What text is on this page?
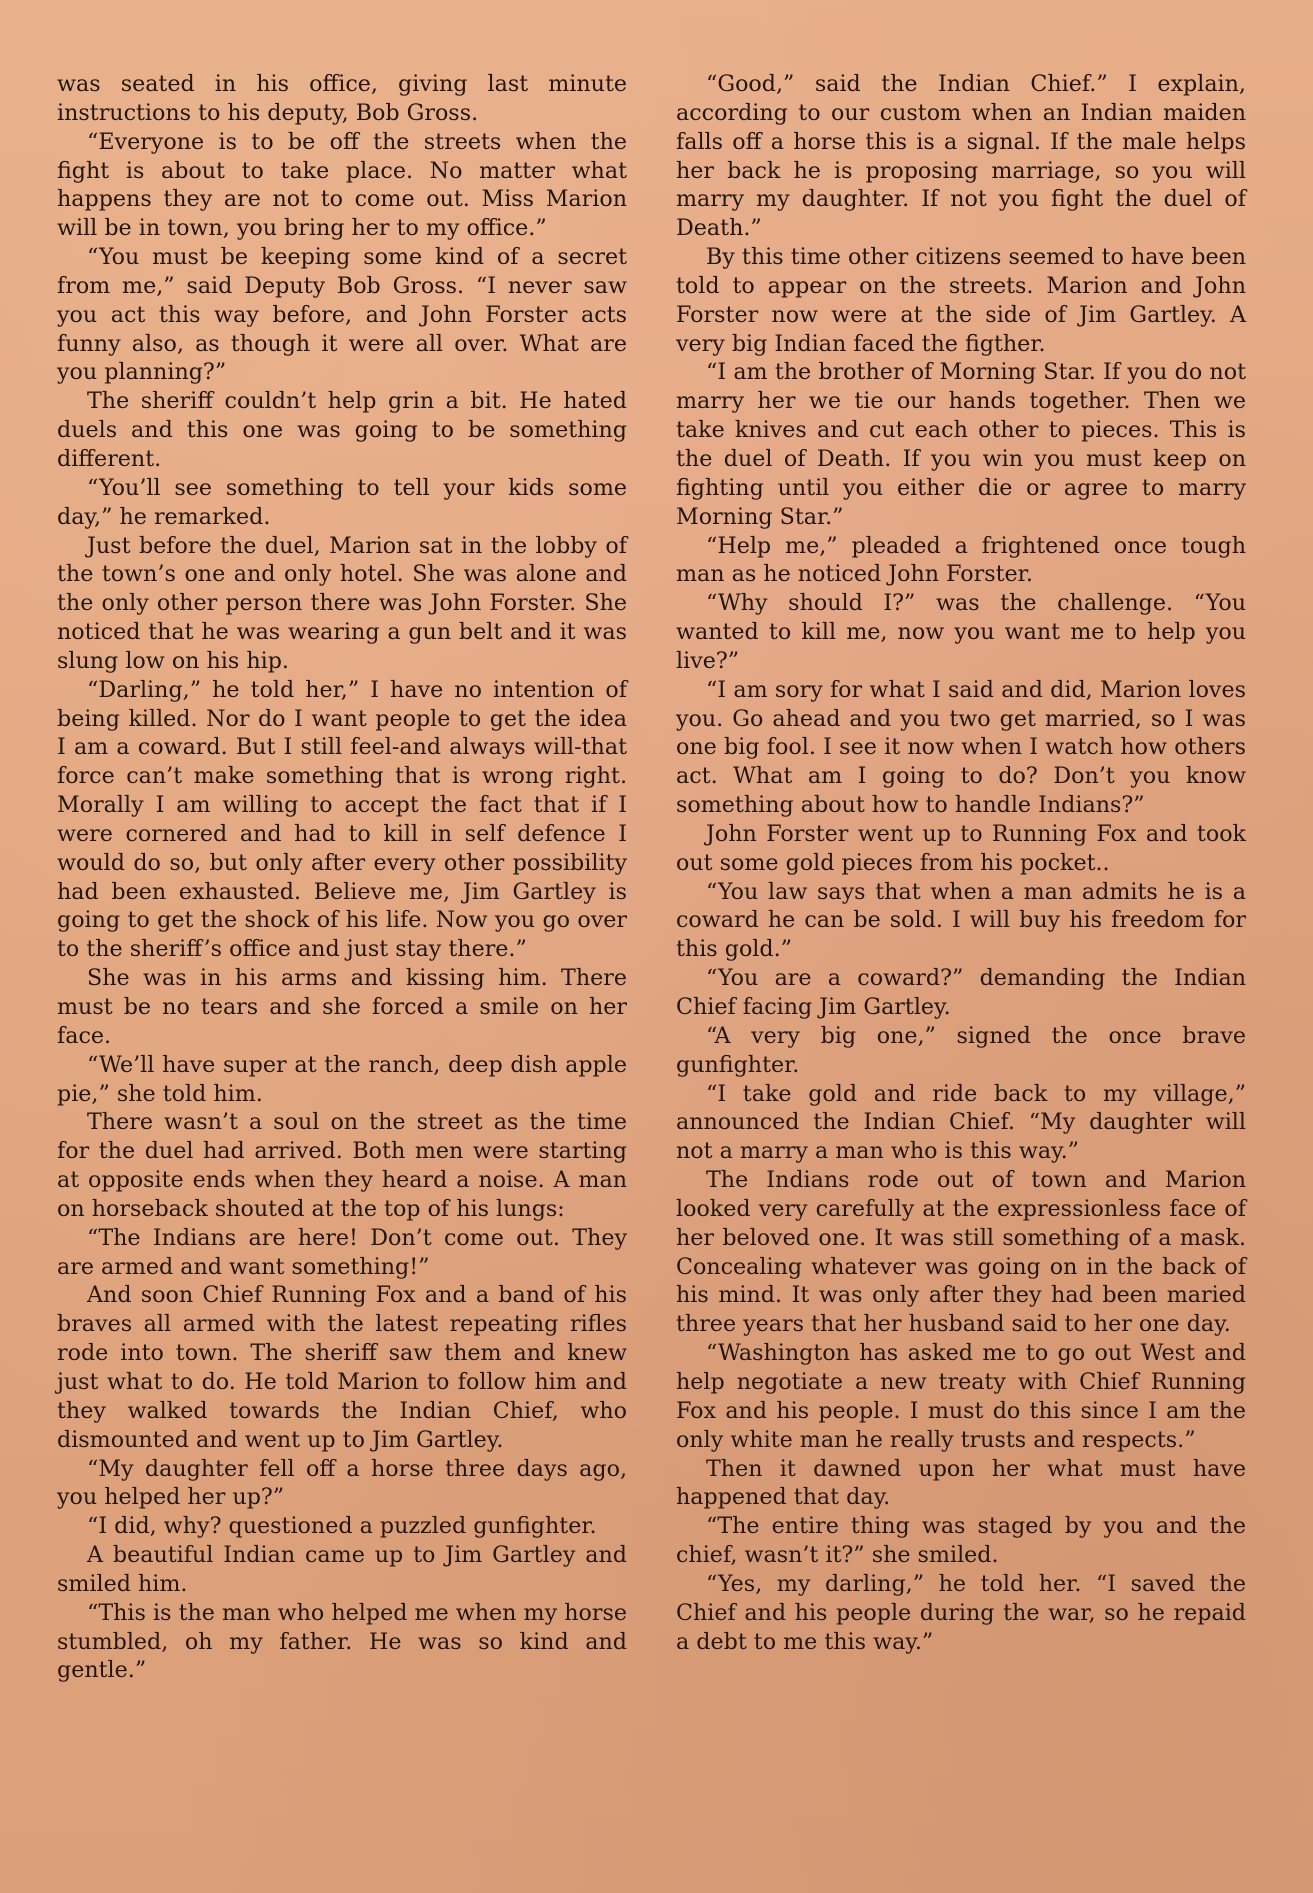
was seated in his office, giving last minute instructions to his deputy, Bob Gross.

“Everyone is to be off the streets when the fight is about to take place. No matter what happens they are not to come out. Miss Marion will be in town, you bring her to my office.”

“You must be keeping some kind of a secret from me,” said Deputy Bob Gross. “I never saw you act this way before, and John Forster acts funny also, as though it were all over. What are you planning?”

The sheriff couldn’t help grin a bit. He hated duels and this one was going to be something different.

“You’ll see something to tell your kids some day,” he remarked.

Just before the duel, Marion sat in the lobby of the town’s one and only hotel. She was alone and the only other person there was John Forster. She noticed that he was wearing a gun belt and it was slung low on his hip.

“Darling,” he told her,” I have no intention of being killed. Nor do I want people to get the idea I am a coward. But I still feel-and always will-that force can’t make something that is wrong right. Morally I am willing to accept the fact that if I were cornered and had to kill in self defence I would do so, but only after every other possibility had been exhausted. Believe me, Jim Gartley is going to get the shock of his life. Now you go over to the sheriff’s office and just stay there.”

She was in his arms and kissing him. There must be no tears and she forced a smile on her face.

“We’ll have super at the ranch, deep dish apple pie,” she told him.

There wasn’t a soul on the street as the time for the duel had arrived. Both men were starting at opposite ends when they heard a noise. A man on horseback shouted at the top of his lungs:

“The Indians are here! Don’t come out. They are armed and want something!”

And soon Chief Running Fox and a band of his braves all armed with the latest repeating rifles rode into town. The sheriff saw them and knew just what to do. He told Marion to follow him and they walked towards the Indian Chief, who dismounted and went up to Jim Gartley.

“My daughter fell off a horse three days ago, you helped her up?”

“I did, why? questioned a puzzled gunfighter.

A beautiful Indian came up to Jim Gartley and smiled him.

“This is the man who helped me when my horse stumbled, oh my father. He was so kind and gentle.”

“Good,” said the Indian Chief.” I explain, according to our custom when an Indian maiden falls off a horse this is a signal. If the male helps her back he is proposing marriage, so you will marry my daughter. If not you fight the duel of Death.”

By this time other citizens seemed to have been told to appear on the streets. Marion and John Forster now were at the side of Jim Gartley. A very big Indian faced the figther.

“I am the brother of Morning Star. If you do not marry her we tie our hands together. Then we take knives and cut each other to pieces. This is the duel of Death. If you win you must keep on fighting until you either die or agree to marry Morning Star.”

“Help me,” pleaded a frightened once tough man as he noticed John Forster.

“Why should I?” was the challenge. “You wanted to kill me, now you want me to help you live?”

“I am sory for what I said and did, Marion loves you. Go ahead and you two get married, so I was one big fool. I see it now when I watch how others act. What am I going to do? Don’t you know something about how to handle Indians?”

John Forster went up to Running Fox and took out some gold pieces from his pocket..

“You law says that when a man admits he is a coward he can be sold. I will buy his freedom for this gold.”

“You are a coward?” demanding the Indian Chief facing Jim Gartley.

“A very big one,” signed the once brave gunfighter.

“I take gold and ride back to my village,” announced the Indian Chief. “My daughter will not a marry a man who is this way.”

The Indians rode out of town and Marion looked very carefully at the expressionless face of her beloved one. It was still something of a mask. Concealing whatever was going on in the back of his mind. It was only after they had been maried three years that her husband said to her one day.

“Washington has asked me to go out West and help negotiate a new treaty with Chief Running Fox and his people. I must do this since I am the only white man he really trusts and respects.”

Then it dawned upon her what must have happened that day.

“The entire thing was staged by you and the chief, wasn’t it?” she smiled.

“Yes, my darling,” he told her. “I saved the Chief and his people during the war, so he repaid a debt to me this way.”
